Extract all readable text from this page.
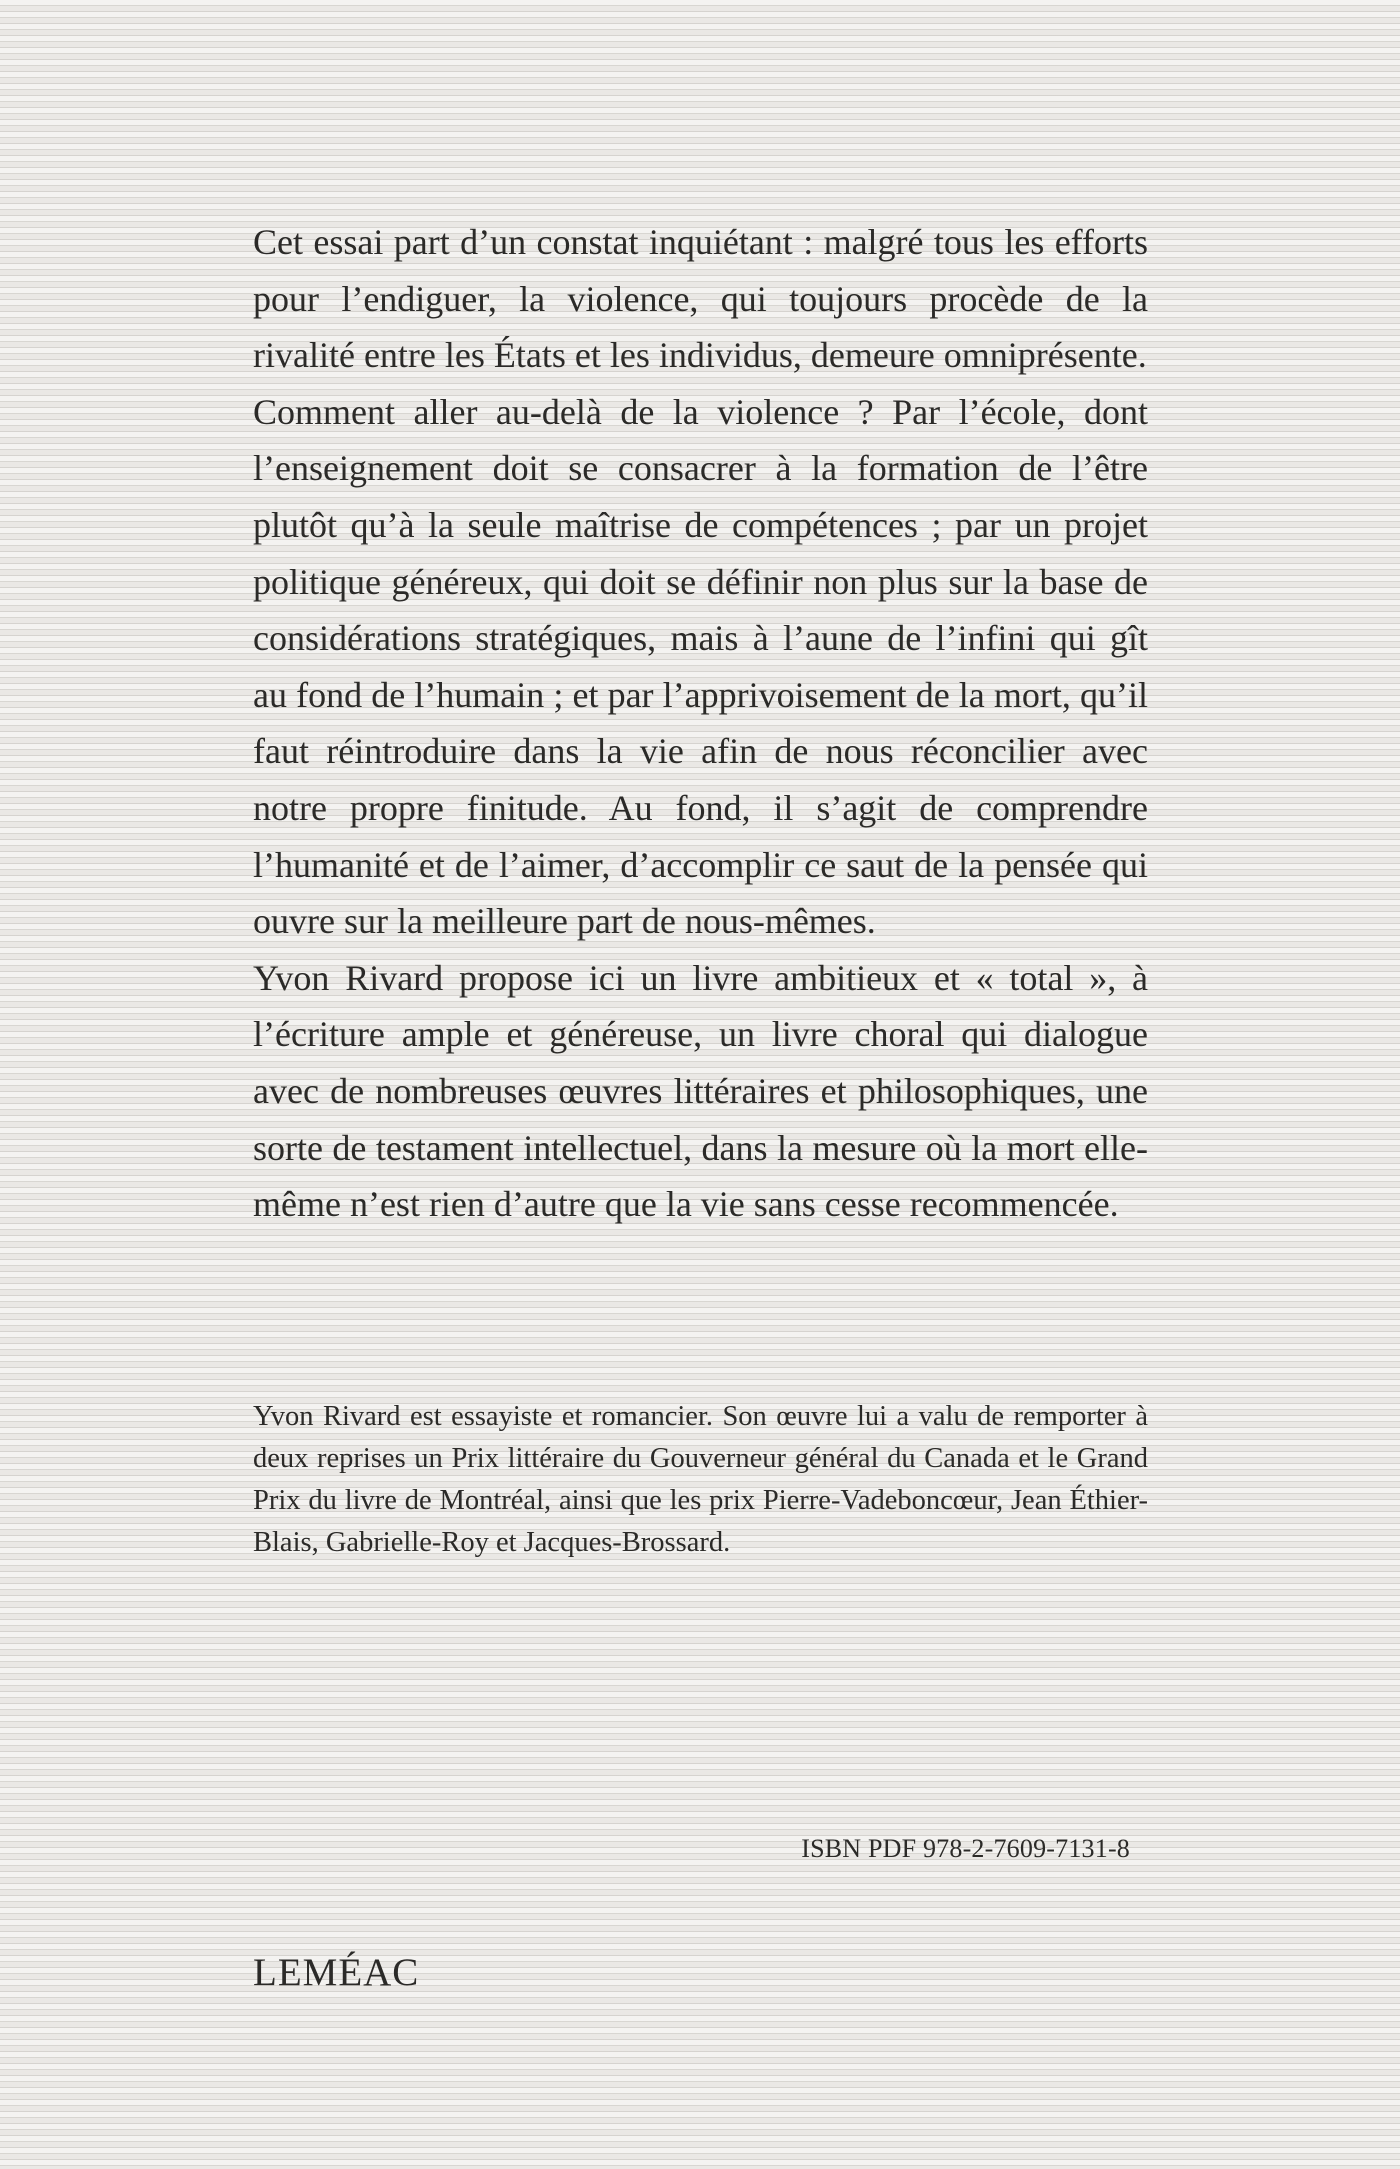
Cet essai part d’un constat inquiétant : malgré tous les efforts pour l’endiguer, la violence, qui toujours procède de la rivalité entre les États et les individus, demeure omniprésente.

Comment aller au-delà de la violence ? Par l’école, dont l’enseignement doit se consacrer à la formation de l’être plutôt qu’à la seule maîtrise de compétences ; par un projet politique généreux, qui doit se définir non plus sur la base de considérations stratégiques, mais à l’aune de l’infini qui gît au fond de l’humain ; et par l’apprivoisement de la mort, qu’il faut réintroduire dans la vie afin de nous réconcilier avec notre propre finitude. Au fond, il s’agit de comprendre l’humanité et de l’aimer, d’accomplir ce saut de la pensée qui ouvre sur la meilleure part de nous-mêmes.

Yvon Rivard propose ici un livre ambitieux et « total », à l’écriture ample et généreuse, un livre choral qui dialogue avec de nombreuses œuvres littéraires et philosophiques, une sorte de testament intellectuel, dans la mesure où la mort elle-même n’est rien d’autre que la vie sans cesse recommencée.

Yvon Rivard est essayiste et romancier. Son œuvre lui a valu de remporter à deux reprises un Prix littéraire du Gouverneur général du Canada et le Grand Prix du livre de Montréal, ainsi que les prix Pierre-Vadeboncœur, Jean Éthier-Blais, Gabrielle-Roy et Jacques-Brossard.

ISBN PDF 978-2-7609-7131-8
LEMÉAC
